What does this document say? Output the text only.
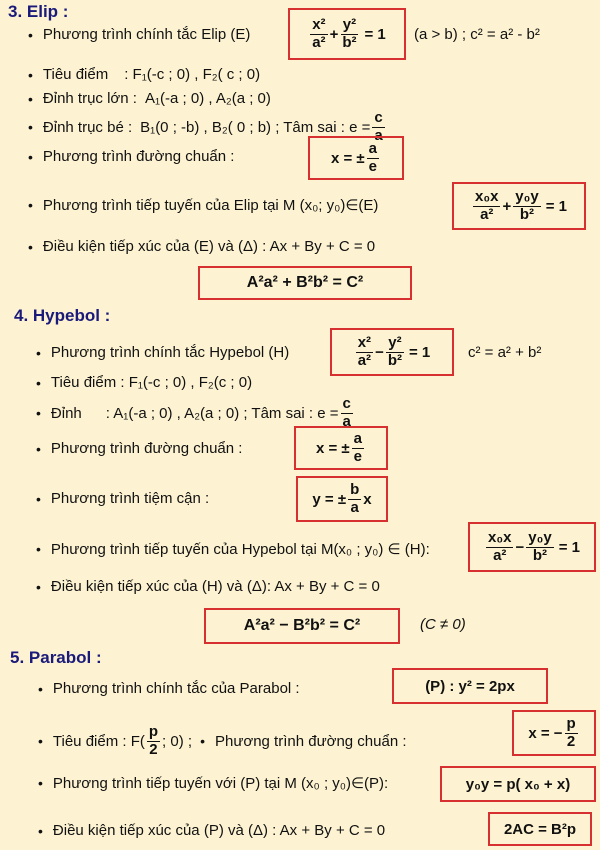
3. Elip :
• Phương trình chính tắc Elip (E)	$\frac{\text{x²}}{\text{a²}} + \frac{\text{y²}}{\text{b²}} = 1$ (a > b) ; c² = a² - b²
• Tiêu điểm : F₁(-c ; 0) , F₂( c ; 0)
• Đỉnh trục lớn : A₁(-a ; 0) , A₂(a ; 0)
• Đỉnh trục bé : B₁(0 ; -b) , B₂( 0 ; b) ; Tâm sai : $e = \frac{c}{a}$
• Phương trình đường chuẩn :	x = ± $\frac{a}{e}$
• Phương trình tiếp tuyến của Elip tại M (x₀; y₀)∈(E)	$\frac{\text{x₀x}}{\text{a²}} + \frac{\text{y₀y}}{\text{b²}} = 1$
• Điều kiện tiếp xúc của (E) và (Δ) : Ax + By + C = 0
A²a² + B²b² = C²
4. Hypebol :
• Phương trình chính tắc Hypebol (H)	$\frac{\text{x²}}{\text{a²}} - \frac{\text{y²}}{\text{b²}} = 1$	c² = a² + b²
• Tiêu điểm : F₁(-c ; 0) , F₂(c ; 0)
• Đỉnh : A₁(-a ; 0) , A₂(a ; 0) ; Tâm sai : $e = \frac{c}{a}$
• Phương trình đường chuẩn :	x = ± $\frac{a}{e}$
• Phương trình tiệm cận :	y = ± $\frac{b}{a}$ x
• Phương trình tiếp tuyến của Hypebol tại M(x₀ ; y₀) ∈ (H):	$\frac{\text{x₀x}}{\text{a²}} - \frac{\text{y₀y}}{\text{b²}} = 1$
• Điều kiện tiếp xúc của (H) và (Δ): Ax + By + C = 0
A²a² − B²b² = C²	(C ≠ 0)
5. Parabol :
• Phương trình chính tắc của Parabol :	(P) : y² = 2px
• Tiêu điểm : $F( \frac{p}{2}$ ; 0) ; • Phương trình đường chuẩn :	x = − $\frac{p}{2}$
• Phương trình tiếp tuyến với (P) tại M (x₀ ; y₀)∈(P):	y₀y = p( x₀ + x)
• Điều kiện tiếp xúc của (P) và (Δ) : Ax + By + C = 0	2AC = B²p
